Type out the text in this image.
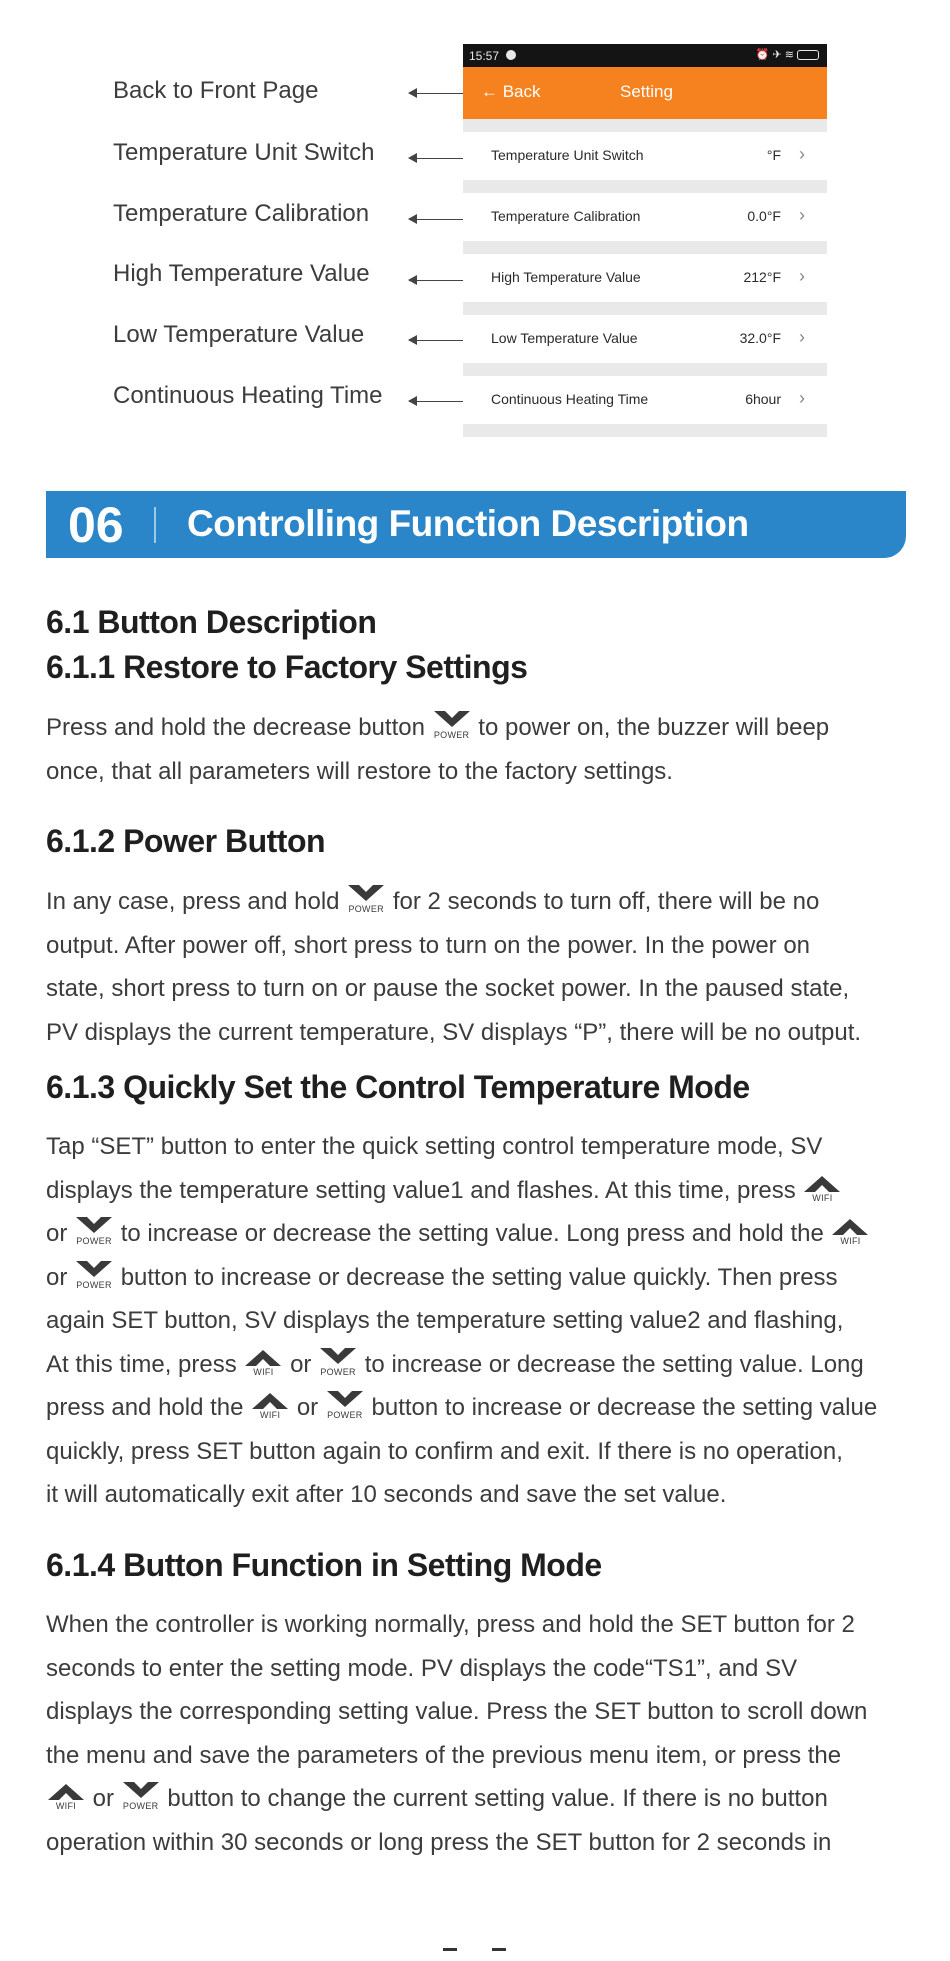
Back to Front Page
Temperature Unit Switch
Temperature Calibration
High Temperature Value
Low Temperature Value
Continuous Heating Time
15:57	⏰✈≋
← Back	Setting
Temperature Unit Switch	°F ›
Temperature Calibration	0.0°F ›
High Temperature Value	212°F ›
Low Temperature Value	32.0°F ›
Continuous Heating Time	6hour ›
06 Controlling Function Description
6.1 Button Description
6.1.1 Restore to Factory Settings
Press and hold the decrease button POWER to power on, the buzzer will beep
once, that all parameters will restore to the factory settings.
6.1.2 Power Button
In any case, press and hold POWER for 2 seconds to turn off, there will be no
output. After power off, short press to turn on the power. In the power on
state, short press to turn on or pause the socket power. In the paused state,
PV displays the current temperature, SV displays “P”, there will be no output.
6.1.3 Quickly Set the Control Temperature Mode
Tap “SET” button to enter the quick setting control temperature mode, SV
displays the temperature setting value1 and flashes. At this time, press	WIFI
or POWER to increase or decrease the setting value. Long press and hold the	WIFI
or POWER button to increase or decrease the setting value quickly. Then press
again SET button, SV displays the temperature setting value2 and flashing,
At this time, press	WIFI or POWER to increase or decrease the setting value. Long
press and hold the	WIFI or POWER button to increase or decrease the setting value
quickly, press SET button again to confirm and exit. If there is no operation,
it will automatically exit after 10 seconds and save the set value.
6.1.4 Button Function in Setting Mode
When the controller is working normally, press and hold the SET button for 2
seconds to enter the setting mode. PV displays the code“TS1”, and SV
displays the corresponding setting value. Press the SET button to scroll down
the menu and save the parameters of the previous menu item, or press the
WIFI or POWER button to change the current setting value. If there is no button
operation within 30 seconds or long press the SET button for 2 seconds in
